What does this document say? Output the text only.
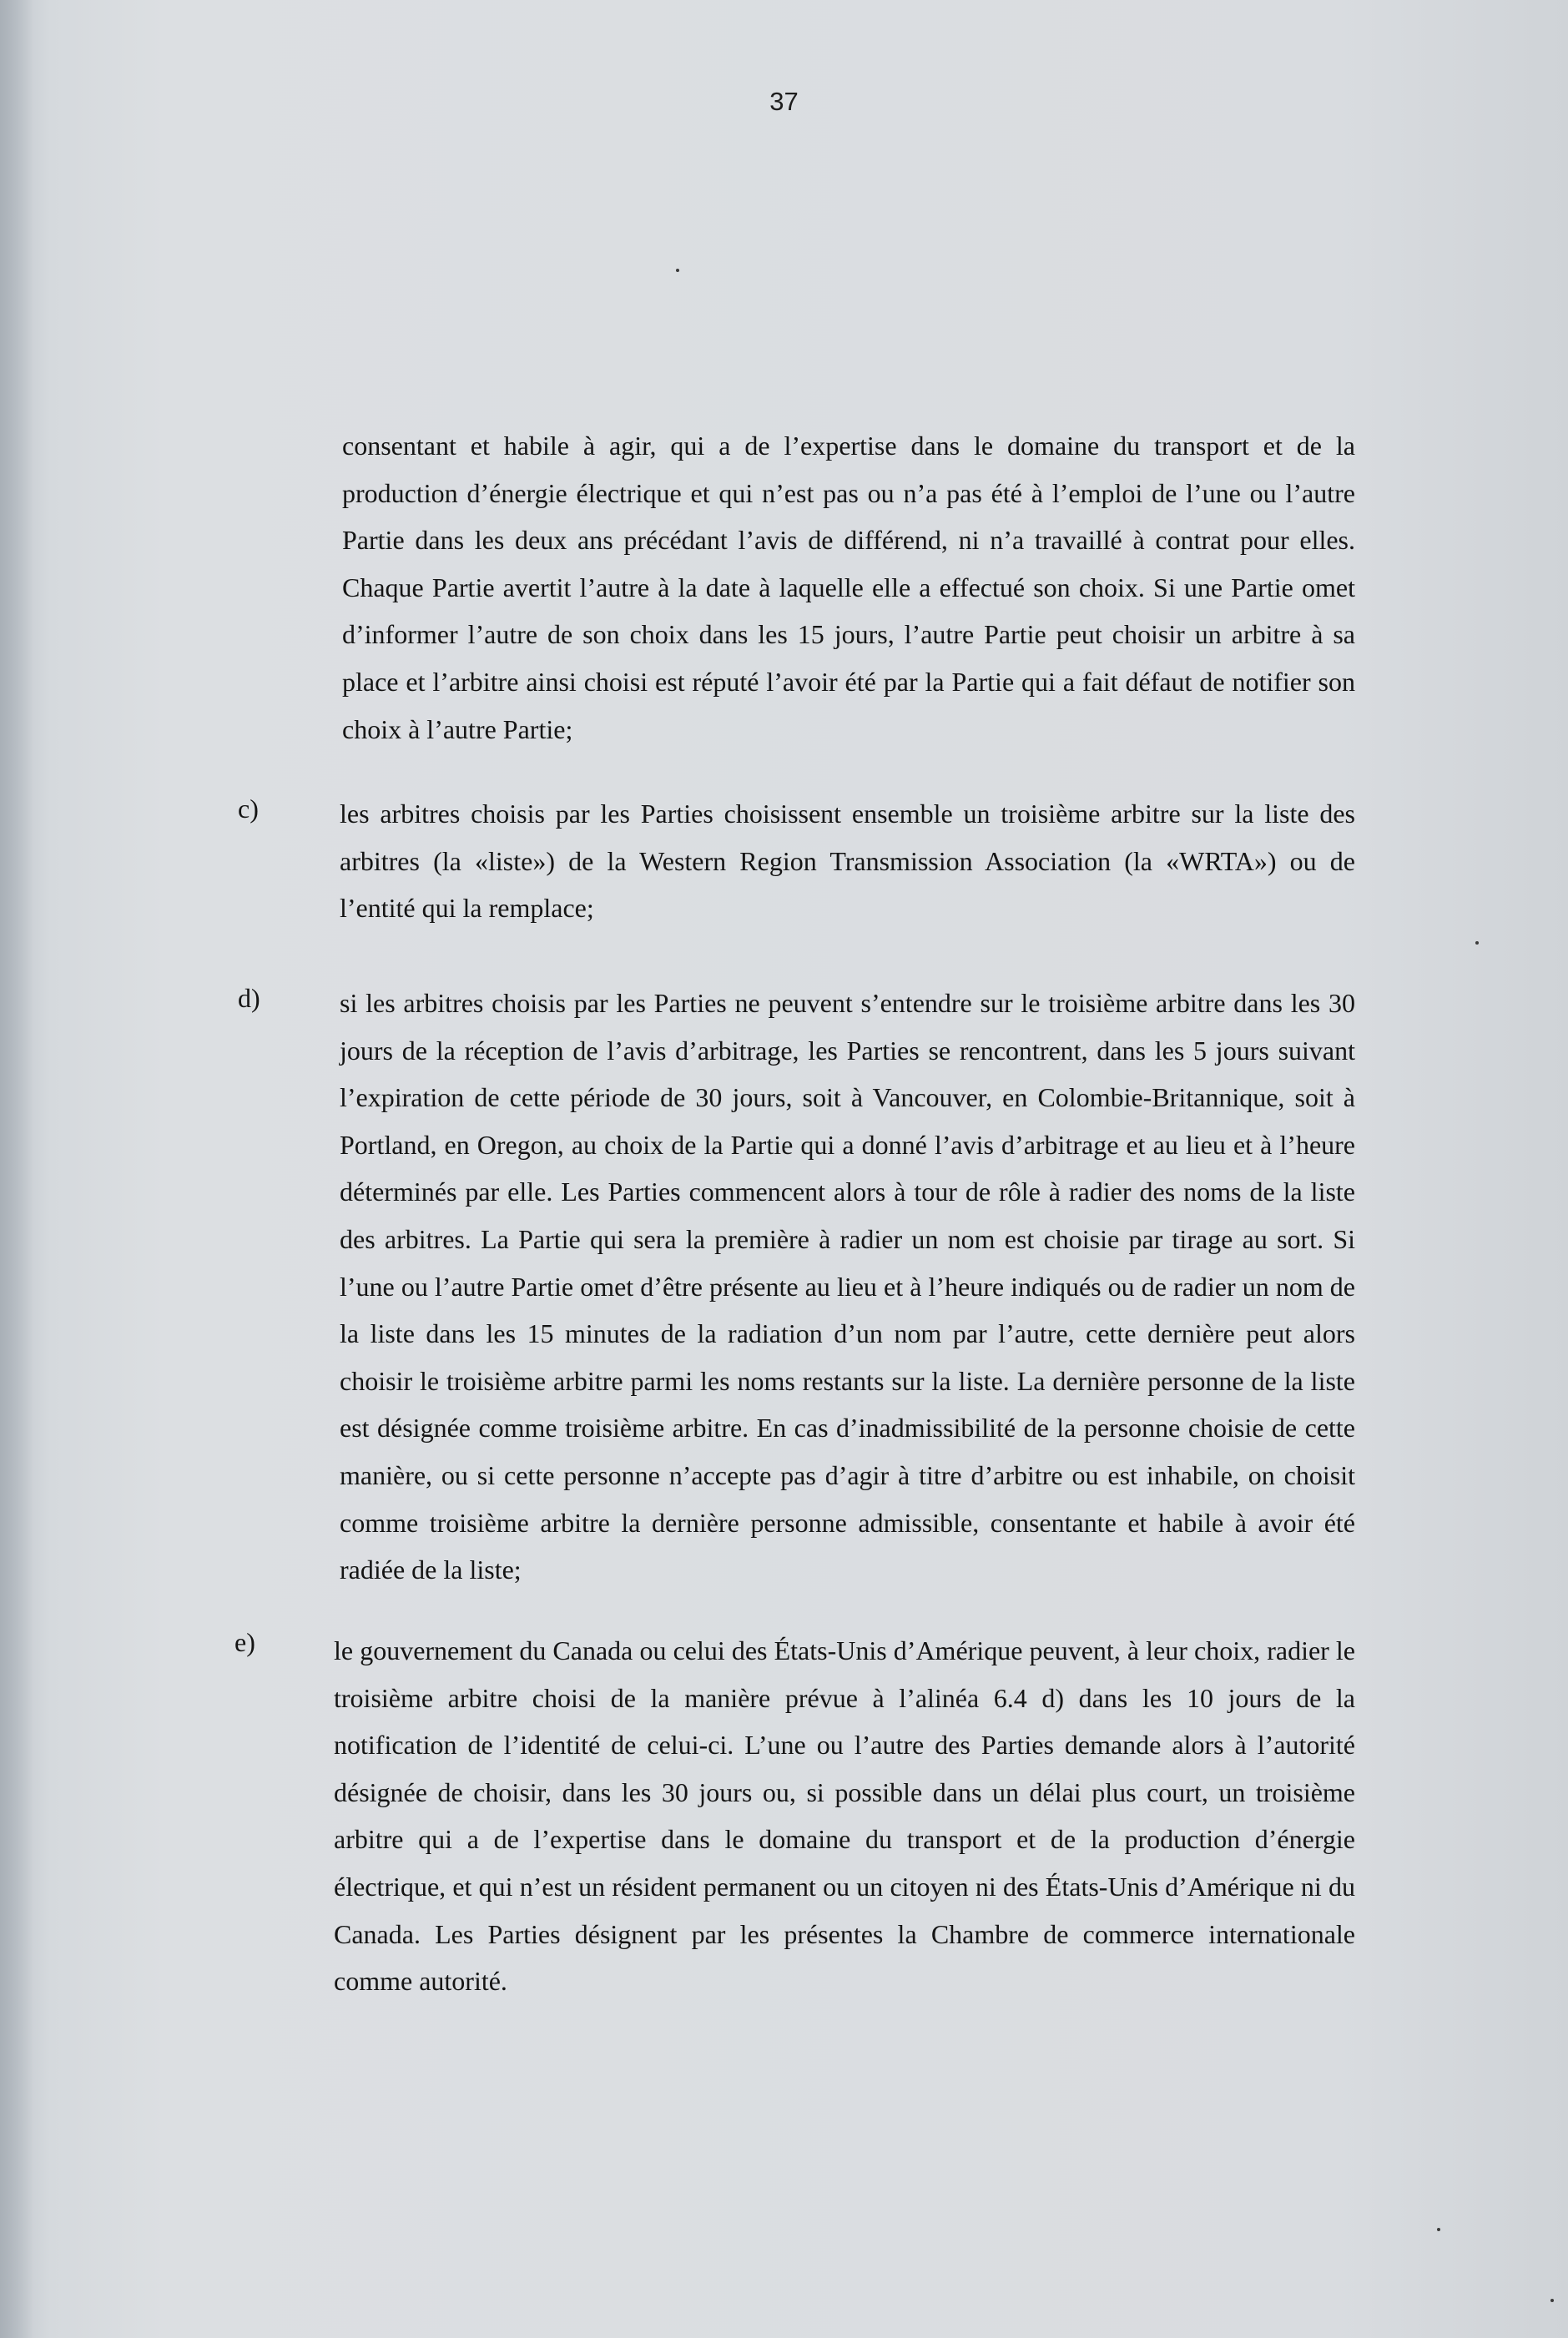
37

consentant et habile à agir, qui a de l’expertise dans le domaine du transport et de la production d’énergie électrique et qui n’est pas ou n’a pas été à l’emploi de l’une ou l’autre Partie dans les deux ans précédant l’avis de différend, ni n’a travaillé à contrat pour elles. Chaque Partie avertit l’autre à la date à laquelle elle a effectué son choix. Si une Partie omet d’informer l’autre de son choix dans les 15 jours, l’autre Partie peut choisir un arbitre à sa place et l’arbitre ainsi choisi est réputé l’avoir été par la Partie qui a fait défaut de notifier son choix à l’autre Partie;

c)	les arbitres choisis par les Parties choisissent ensemble un troisième arbitre sur la liste des arbitres (la «liste») de la Western Region Transmission Association (la «WRTA») ou de l’entité qui la remplace;

d)	si les arbitres choisis par les Parties ne peuvent s’entendre sur le troisième arbitre dans les 30 jours de la réception de l’avis d’arbitrage, les Parties se rencontrent, dans les 5 jours suivant l’expiration de cette période de 30 jours, soit à Vancouver, en Colombie-Britannique, soit à Portland, en Oregon, au choix de la Partie qui a donné l’avis d’arbitrage et au lieu et à l’heure déterminés par elle. Les Parties commencent alors à tour de rôle à radier des noms de la liste des arbitres. La Partie qui sera la première à radier un nom est choisie par tirage au sort. Si l’une ou l’autre Partie omet d’être présente au lieu et à l’heure indiqués ou de radier un nom de la liste dans les 15 minutes de la radiation d’un nom par l’autre, cette dernière peut alors choisir le troisième arbitre parmi les noms restants sur la liste. La dernière personne de la liste est désignée comme troisième arbitre. En cas d’inadmissibilité de la personne choisie de cette manière, ou si cette personne n’accepte pas d’agir à titre d’arbitre ou est inhabile, on choisit comme troisième arbitre la dernière personne admissible, consentante et habile à avoir été radiée de la liste;

e)	le gouvernement du Canada ou celui des États-Unis d’Amérique peuvent, à leur choix, radier le troisième arbitre choisi de la manière prévue à l’alinéa 6.4 d) dans les 10 jours de la notification de l’identité de celui-ci. L’une ou l’autre des Parties demande alors à l’autorité désignée de choisir, dans les 30 jours ou, si possible dans un délai plus court, un troisième arbitre qui a de l’expertise dans le domaine du transport et de la production d’énergie électrique, et qui n’est un résident permanent ou un citoyen ni des États-Unis d’Amérique ni du Canada. Les Parties désignent par les présentes la Chambre de commerce internationale comme autorité.
